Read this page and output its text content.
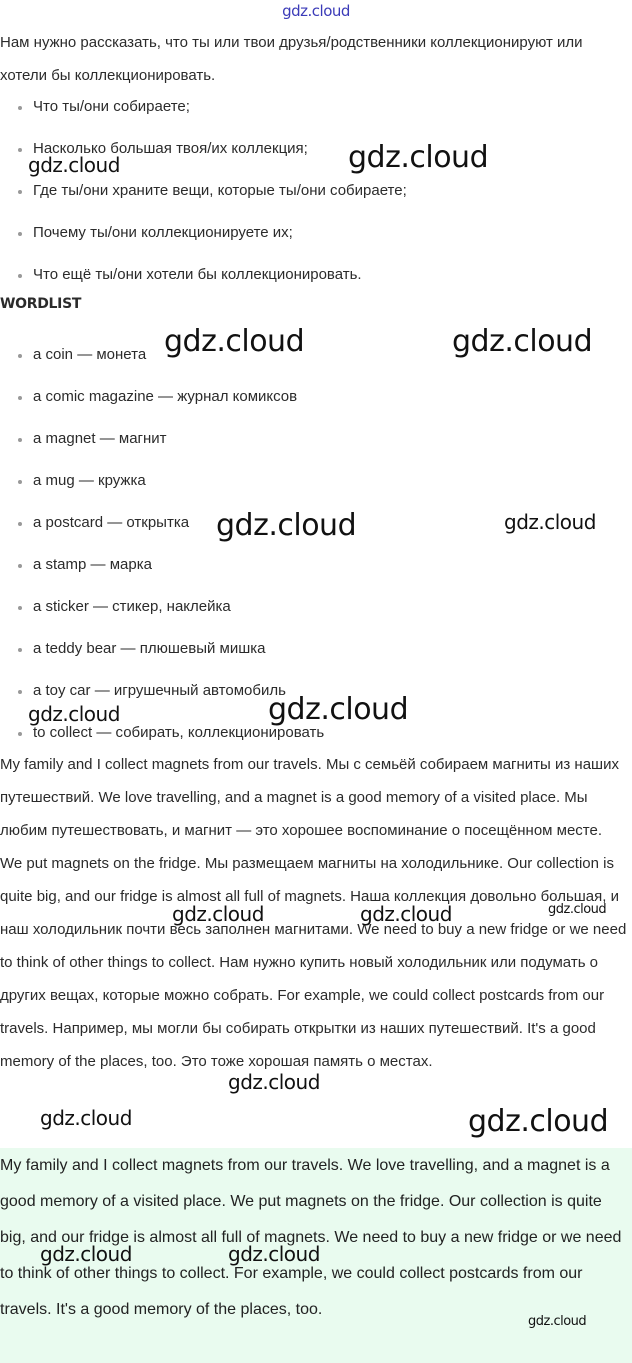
gdz.cloud

Нам нужно рассказать, что ты или твои друзья/родственники коллекционируют или хотели бы коллекционировать.

Что ты/они собираете;
Насколько большая твоя/их коллекция;
Где ты/они храните вещи, которые ты/они собираете;
Почему ты/они коллекционируете их;
Что ещё ты/они хотели бы коллекционировать.
WORDLIST
a coin — монета
a comic magazine — журнал комиксов
a magnet — магнит
a mug — кружка
a postcard — открытка
a stamp — марка
a sticker — стикер, наклейка
a teddy bear — плюшевый мишка
a toy car — игрушечный автомобиль
to collect — собирать, коллекционировать

My family and I collect magnets from our travels. Мы с семьёй собираем магниты из наших путешествий. We love travelling, and a magnet is a good memory of a visited place. Мы любим путешествовать, и магнит — это хорошее воспоминание о посещённом месте. We put magnets on the fridge. Мы размещаем магниты на холодильнике. Our collection is quite big, and our fridge is almost all full of magnets. Наша коллекция довольно большая, и наш холодильник почти весь заполнен магнитами. We need to buy a new fridge or we need to think of other things to collect. Нам нужно купить новый холодильник или подумать о других вещах, которые можно собрать. For example, we could collect postcards from our travels. Например, мы могли бы собирать открытки из наших путешествий. It's a good memory of the places, too. Это тоже хорошая память о местах.

My family and I collect magnets from our travels. We love travelling, and a magnet is a good memory of a visited place. We put magnets on the fridge. Our collection is quite big, and our fridge is almost all full of magnets. We need to buy a new fridge or we need to think of other things to collect. For example, we could collect postcards from our travels. It's a good memory of the places, too.

gdz.cloud
gdz.cloud
gdz.cloud	gdz.cloud
gdz.cloud	gdz.cloud
gdz.cloud	gdz.cloud
gdz.cloud	gdz.cloud	gdz.cloud
gdz.cloud
gdz.cloud	gdz.cloud
gdz.cloud	gdz.cloud
gdz.cloud
